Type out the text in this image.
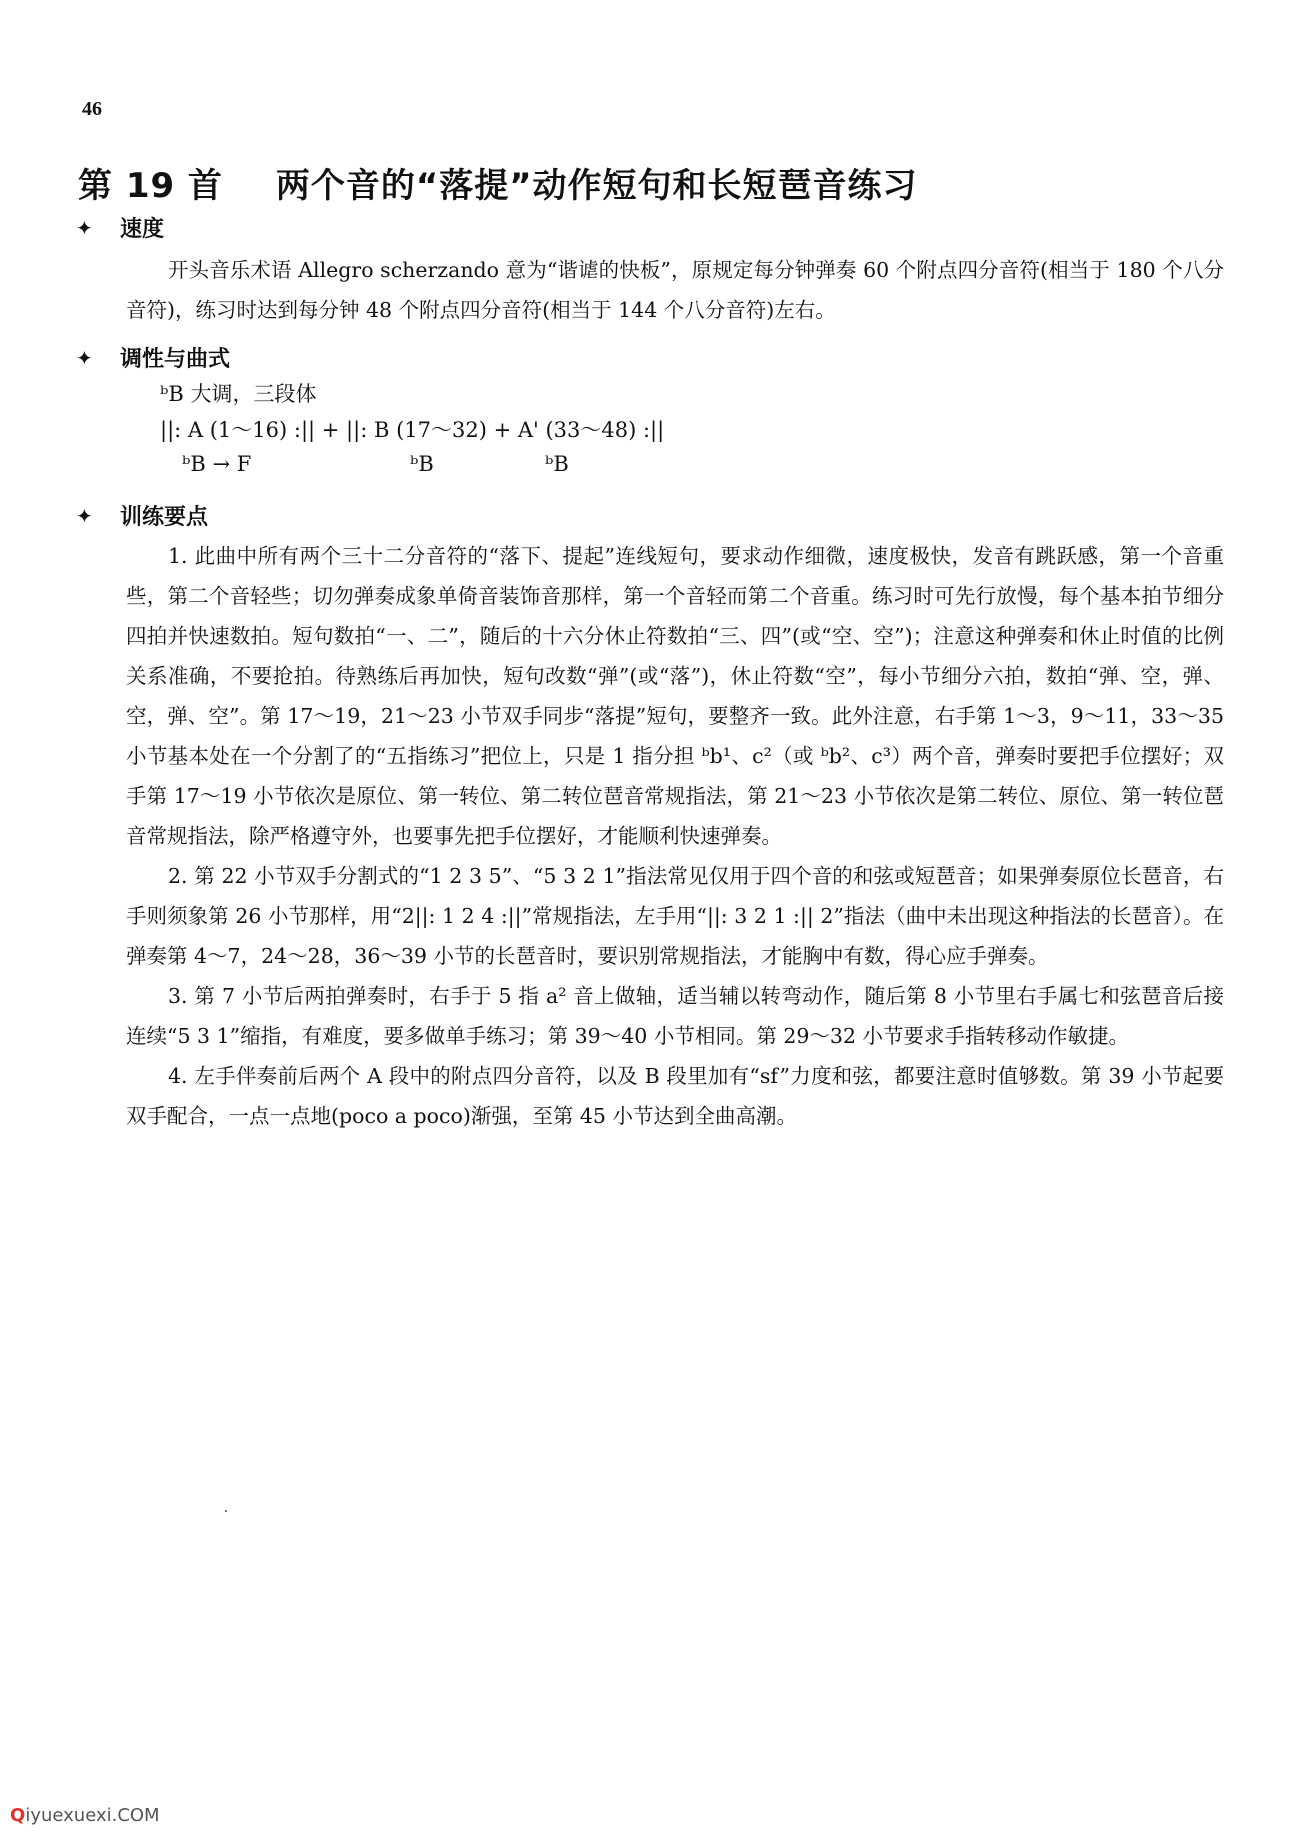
46
第 19 首 两个音的“落提”动作短句和长短琶音练习
✦ 速度

开头音乐术语 Allegro scherzando 意为“谐谑的快板”，原规定每分钟弹奏 60 个附点四分音符(相当于 180 个八分音符)，练习时达到每分钟 48 个附点四分音符(相当于 144 个八分音符)左右。

✦ 调性与曲式
ᵇB 大调，三段体
||: A (1～16) :|| + ||: B (17～32) + A' (33～48) :||
ᵇB → F	ᵇB	ᵇB
✦ 训练要点

1. 此曲中所有两个三十二分音符的“落下、提起”连线短句，要求动作细微，速度极快，发音有跳跃感，第一个音重些，第二个音轻些；切勿弹奏成象单倚音装饰音那样，第一个音轻而第二个音重。练习时可先行放慢，每个基本拍节细分四拍并快速数拍。短句数拍“一、二”，随后的十六分休止符数拍“三、四”(或“空、空”)；注意这种弹奏和休止时值的比例关系准确，不要抢拍。待熟练后再加快，短句改数“弹”(或“落”)，休止符数“空”，每小节细分六拍，数拍“弹、空，弹、空，弹、空”。第 17～19，21～23 小节双手同步“落提”短句，要整齐一致。此外注意，右手第 1～3，9～11，33～35 小节基本处在一个分割了的“五指练习”把位上，只是 1 指分担 ᵇb¹、c²（或 ᵇb²、c³）两个音，弹奏时要把手位摆好；双手第 17～19 小节依次是原位、第一转位、第二转位琶音常规指法，第 21～23 小节依次是第二转位、原位、第一转位琶音常规指法，除严格遵守外，也要事先把手位摆好，才能顺利快速弹奏。

2. 第 22 小节双手分割式的“1 2 3 5”、“5 3 2 1”指法常见仅用于四个音的和弦或短琶音；如果弹奏原位长琶音，右手则须象第 26 小节那样，用“2||: 1 2 4 :||”常规指法，左手用“||: 3 2 1 :|| 2”指法（曲中未出现这种指法的长琶音）。在弹奏第 4～7，24～28，36～39 小节的长琶音时，要识别常规指法，才能胸中有数，得心应手弹奏。

3. 第 7 小节后两拍弹奏时，右手于 5 指 a² 音上做轴，适当辅以转弯动作，随后第 8 小节里右手属七和弦琶音后接连续“5 3 1”缩指，有难度，要多做单手练习；第 39～40 小节相同。第 29～32 小节要求手指转移动作敏捷。

4. 左手伴奏前后两个 A 段中的附点四分音符，以及 B 段里加有“sf”力度和弦，都要注意时值够数。第 39 小节起要双手配合，一点一点地(poco a poco)渐强，至第 45 小节达到全曲高潮。

Qiyuexuexi.COM
